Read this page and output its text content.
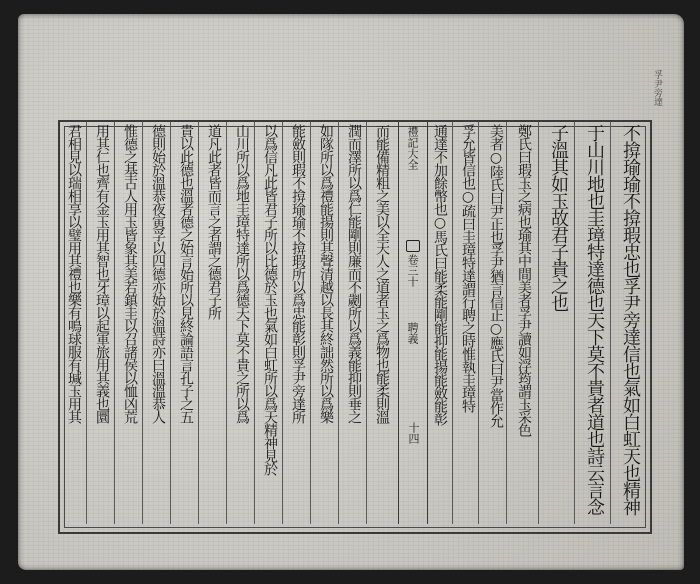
孚尹旁達
不揜瑜瑜不揜瑕忠也孚尹旁達信也氣如白虹天也精神
于山川地也圭璋特達德也天下莫不貴者道也詩云言念
子溫其如玉故君子貴之也
鄭氏曰瑕玉之病也瑜其中間美者孚尹讀如浮筠謂玉采色
美者○陸氏曰尹正也孚尹猶言信正○應氏曰尹當作允
孚允皆信也○疏曰圭璋特達謂行聘之時惟執圭璋特
通達不加餘幣也○馬氏曰能柔能剛能抑能揚能斂能彰
禮記大全
卷三十
聘義
十四
而能備精粗之美以全天人之道者玉之爲物也能柔則溫
潤而澤所以爲仁能剛則廉而不劌所以爲義能抑則垂之
如隊所以爲禮能揚則其聲清越以長其終詘然所以爲樂
能斂則瑕不揜瑜瑜不揜瑕所以爲忠能彰則孚尹旁達所
以爲信凡此皆君子所以比德於玉也氣如白虹所以爲天精神見於
山川所以爲地圭璋特達所以爲德天下莫不貴之所以爲
道凡此者皆而言之者謂之德君子所
貴以此德也溫者德之始言始所以見終論語言孔子之五
德則始於溫恭夜寅孚以四德亦始於溫詩亦曰溫溫恭人
惟德之基古人用玉皆象其美若鎮圭以召諸侯以恤凶荒
用其仁也齊有金玉用其智也牙璋以起軍旅用其義也圜
君相見以瑞相享以璧用其禮也樂有鳴球服有瑊玉用其
